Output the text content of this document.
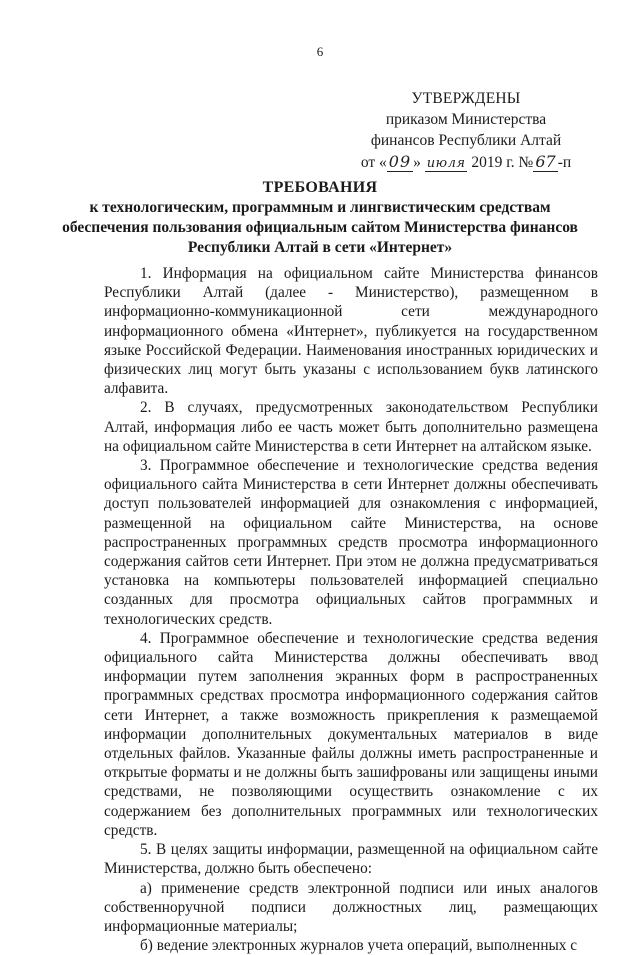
6
УТВЕРЖДЕНЫ
приказом Министерства
финансов Республики Алтай
от « 09 » июля 2019 г. № 67 -п
ТРЕБОВАНИЯ
к технологическим, программным и лингвистическим средствам
обеспечения пользования официальным сайтом Министерства финансов
Республики Алтай в сети «Интернет»

1. Информация на официальном сайте Министерства финансов Республики Алтай (далее - Министерство), размещенном в информационно-коммуникационной сети международного информационного обмена «Интернет», публикуется на государственном языке Российской Федерации. Наименования иностранных юридических и физических лиц могут быть указаны с использованием букв латинского алфавита.

2. В случаях, предусмотренных законодательством Республики Алтай, информация либо ее часть может быть дополнительно размещена на официальном сайте Министерства в сети Интернет на алтайском языке.

3. Программное обеспечение и технологические средства ведения официального сайта Министерства в сети Интернет должны обеспечивать доступ пользователей информацией для ознакомления с информацией, размещенной на официальном сайте Министерства, на основе распространенных программных средств просмотра информационного содержания сайтов сети Интернет. При этом не должна предусматриваться установка на компьютеры пользователей информацией специально созданных для просмотра официальных сайтов программных и технологических средств.

4. Программное обеспечение и технологические средства ведения официального сайта Министерства должны обеспечивать ввод информации путем заполнения экранных форм в распространенных программных средствах просмотра информационного содержания сайтов сети Интернет, а также возможность прикрепления к размещаемой информации дополнительных документальных материалов в виде отдельных файлов. Указанные файлы должны иметь распространенные и открытые форматы и не должны быть зашифрованы или защищены иными средствами, не позволяющими осуществить ознакомление с их содержанием без дополнительных программных или технологических средств.

5. В целях защиты информации, размещенной на официальном сайте Министерства, должно быть обеспечено:

а) применение средств электронной подписи или иных аналогов собственноручной подписи должностных лиц, размещающих информационные материалы;

б) ведение электронных журналов учета операций, выполненных с
